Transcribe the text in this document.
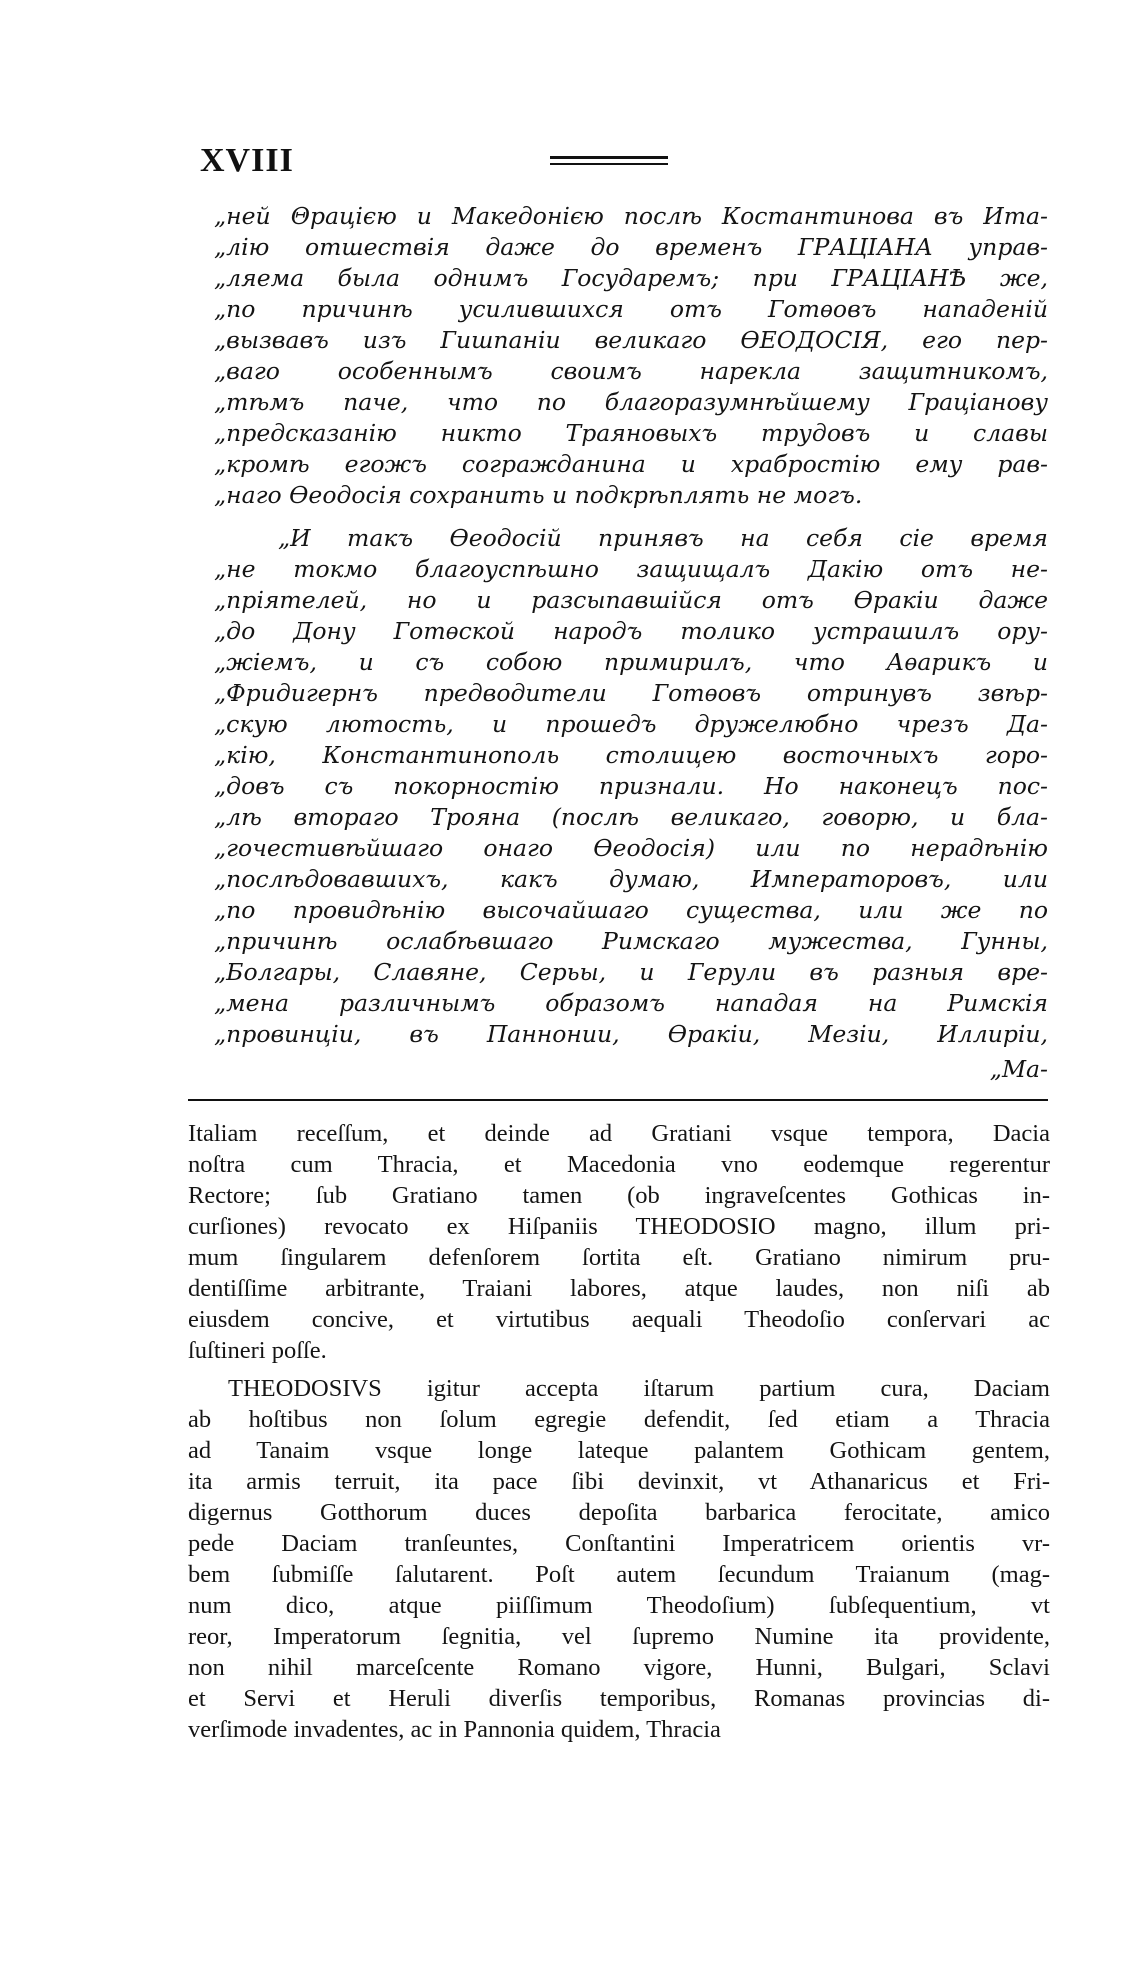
XVIII
„ней Θрацією и Македонією послѣ Костантинова въ Ита-
„лію отшествія даже до временъ ГРАЦІАНА управ-
„ляема была однимъ Государемъ; при ГРАЦІАНѢ же,
„по причинѣ усилившихся отъ Готѳовъ нападеній
„вызвавъ изъ Гишпаніи великаго ѲЕОДОСІЯ, его пер-
„ваго особеннымъ своимъ нарекла защитникомъ,
„тѣмъ паче, что по благоразумнѣйшему Граціанову
„предсказанію никто Траяновыхъ трудовъ и славы
„кромѣ егожъ согражданина и храбростію ему рав-
„наго Ѳеодосія сохранить и подкрѣплять не могъ.
„И такъ Ѳеодосій принявъ на себя сіе время
„не токмо благоуспѣшно защищалъ Дакію отъ не-
„пріятелей, но и разсыпавшійся отъ Ѳракіи даже
„до Дону Готѳской народъ толико устрашилъ ору-
„жіемъ, и съ собою примирилъ, что Аѳарикъ и
„Фридигернъ предводители Готѳовъ отринувъ звѣр-
„скую лютость, и прошедъ дружелюбно чрезъ Да-
„кію, Константинополь столицею восточныхъ горо-
„довъ съ покорностію признали. Но наконецъ пос-
„лѣ втораго Трояна (послѣ великаго, говорю, и бла-
„гочестивѣйшаго онаго Ѳеодосія) или по нерадѣнію
„послѣдовавшихъ, какъ думаю, Императоровъ, или
„по провидѣнію высочайшаго существа, или же по
„причинѣ ослабѣвшаго Римскаго мужества, Гунны,
„Болгары, Славяне, Серьы, и Герули въ разныя вре-
„мена различнымъ образомъ нападая на Римскія
„провинціи, въ Паннонии, Ѳракіи, Мезіи, Иллиріи,
„Ма-
Italiam receſſum, et deinde ad Gratiani vsque tempora, Dacia
noſtra cum Thracia, et Macedonia vno eodemque regerentur
Rectore; ſub Gratiano tamen (ob ingraveſcentes Gothicas in-
curſiones) revocato ex Hiſpaniis THEODOSIO magno, illum pri-
mum ſingularem defenſorem ſortita eſt. Gratiano nimirum pru-
dentiſſime arbitrante, Traiani labores, atque laudes, non niſi ab
eiusdem concive, et virtutibus aequali Theodoſio conſervari ac
ſuſtineri poſſe.
THEODOSIVS igitur accepta iſtarum partium cura, Daciam
ab hoſtibus non ſolum egregie defendit, ſed etiam a Thracia
ad Tanaim vsque longe lateque palantem Gothicam gentem,
ita armis terruit, ita pace ſibi devinxit, vt Athanaricus et Fri-
digernus Gotthorum duces depoſita barbarica ferocitate, amico
pede Daciam tranſeuntes, Conſtantini Imperatricem orientis vr-
bem ſubmiſſe ſalutarent. Poſt autem ſecundum Traianum (mag-
num dico, atque piiſſimum Theodoſium) ſubſequentium, vt
reor, Imperatorum ſegnitia, vel ſupremo Numine ita providente,
non nihil marceſcente Romano vigore, Hunni, Bulgari, Sclavi
et Servi et Heruli diverſis temporibus, Romanas provincias di-
verſimode invadentes, ac in Pannonia quidem, Thracia
